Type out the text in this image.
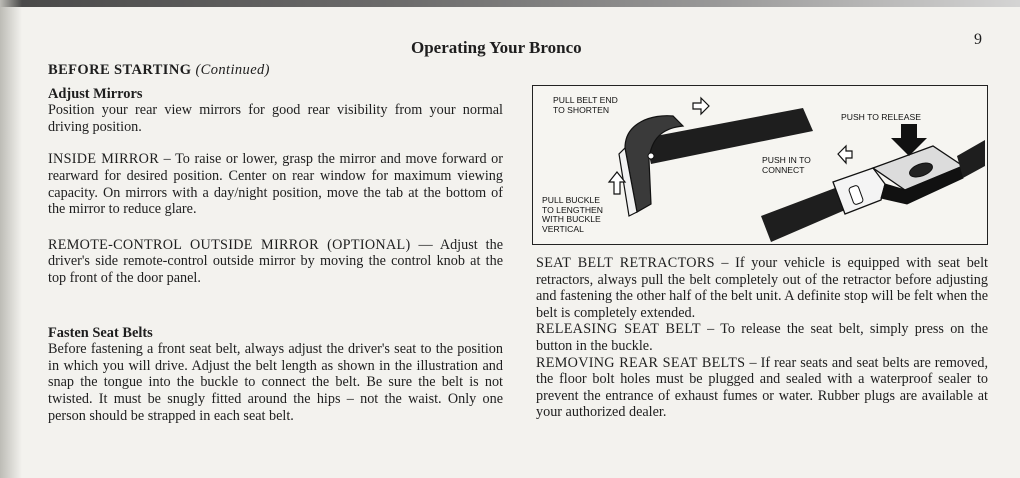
Operating Your Bronco	9
BEFORE STARTING (Continued)
Adjust Mirrors

Position your rear view mirrors for good rear visibility from your normal driving position.

INSIDE MIRROR – To raise or lower, grasp the mirror and move forward or rearward for desired position. Center on rear window for maximum viewing capacity. On mirrors with a day/night position, move the tab at the bottom of the mirror to reduce glare.

REMOTE-CONTROL OUTSIDE MIRROR (OPTIONAL) — Adjust the driver's side remote-control outside mirror by moving the control knob at the top front of the door panel.

Fasten Seat Belts

Before fastening a front seat belt, always adjust the driver's seat to the position in which you will drive. Adjust the belt length as shown in the illustration and snap the tongue into the buckle to connect the belt. Be sure the belt is not twisted. It must be snugly fitted around the hips – not the waist. Only one person should be strapped in each seat belt.

PULL BELT END
TO SHORTEN
PULL BUCKLE
TO LENGTHEN
WITH BUCKLE
VERTICAL
PUSH IN TO
CONNECT
PUSH TO RELEASE

SEAT BELT RETRACTORS – If your vehicle is equipped with seat belt retractors, always pull the belt completely out of the retractor before adjusting and fastening the other half of the belt unit. A definite stop will be felt when the belt is completely extended.

RELEASING SEAT BELT – To release the seat belt, simply press on the button in the buckle.

REMOVING REAR SEAT BELTS – If rear seats and seat belts are removed, the floor bolt holes must be plugged and sealed with a waterproof sealer to prevent the entrance of exhaust fumes or water. Rubber plugs are available at your authorized dealer.
